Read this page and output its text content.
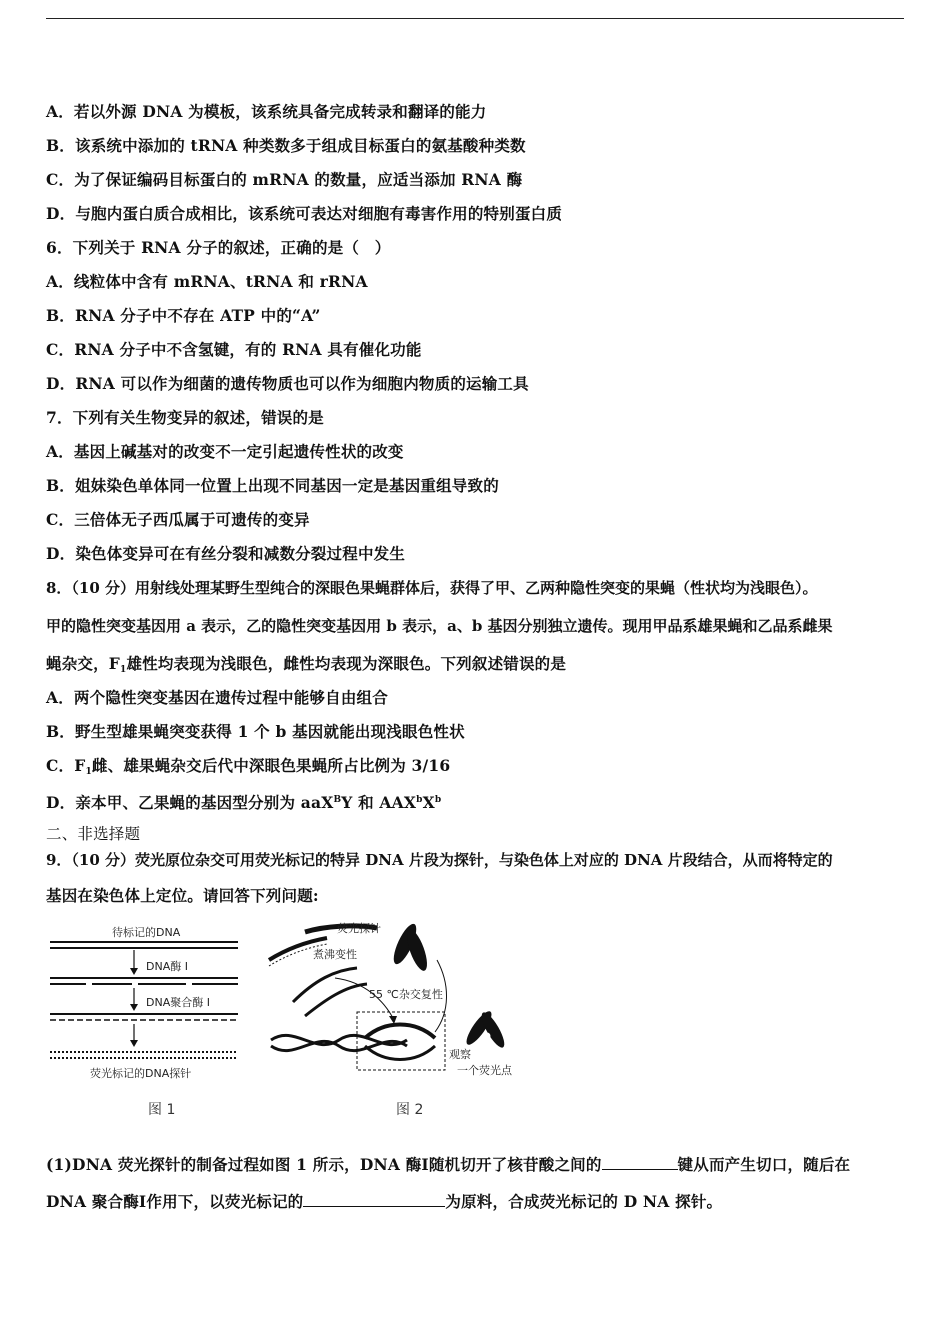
A．若以外源 DNA 为模板，该系统具备完成转录和翻译的能力
B．该系统中添加的 tRNA 种类数多于组成目标蛋白的氨基酸种类数
C．为了保证编码目标蛋白的 mRNA 的数量，应适当添加 RNA 酶
D．与胞内蛋白质合成相比，该系统可表达对细胞有毒害作用的特别蛋白质
6．下列关于 RNA 分子的叙述，正确的是（　）
A．线粒体中含有 mRNA、tRNA 和 rRNA
B．RNA 分子中不存在 ATP 中的“A”
C．RNA 分子中不含氢键，有的 RNA 具有催化功能
D．RNA 可以作为细菌的遗传物质也可以作为细胞内物质的运输工具
7．下列有关生物变异的叙述，错误的是
A．基因上碱基对的改变不一定引起遗传性状的改变
B．姐妹染色单体同一位置上出现不同基因一定是基因重组导致的
C．三倍体无子西瓜属于可遗传的变异
D．染色体变异可在有丝分裂和减数分裂过程中发生
8．（10 分）用射线处理某野生型纯合的深眼色果蝇群体后，获得了甲、乙两种隐性突变的果蝇（性状均为浅眼色）。
甲的隐性突变基因用 a 表示，乙的隐性突变基因用 b 表示，a、b 基因分别独立遗传。现用甲品系雄果蝇和乙品系雌果
蝇杂交，$F_1$雄性均表现为浅眼色，雌性均表现为深眼色。下列叙述错误的是
A．两个隐性突变基因在遗传过程中能够自由组合
B．野生型雄果蝇突变获得 1 个 b 基因就能出现浅眼色性状
C．$F_1$雌、雄果蝇杂交后代中深眼色果蝇所占比例为 3/16
D．亲本甲、乙果蝇的基因型分别为 aaX$^B$Y 和 $AAX^bX^b$
二、非选择题
9．（10 分）荧光原位杂交可用荧光标记的特异 DNA 片段为探针，与染色体上对应的 DNA 片段结合，从而将特定的
基因在染色体上定位。请回答下列问题:
待标记的DNA
DNA酶 Ⅰ
DNA聚合酶 Ⅰ
荧光标记的DNA探针
图 1
荧光探针
煮沸变性
55 ℃杂交复性
观察
一个荧光点
图 2
(1)DNA 荧光探针的制备过程如图 1 所示，DNA 酶Ⅰ随机切开了核苷酸之间的	键从而产生切口，随后在
DNA 聚合酶Ⅰ作用下，以荧光标记的	为原料，合成荧光标记的 D NA 探针。
